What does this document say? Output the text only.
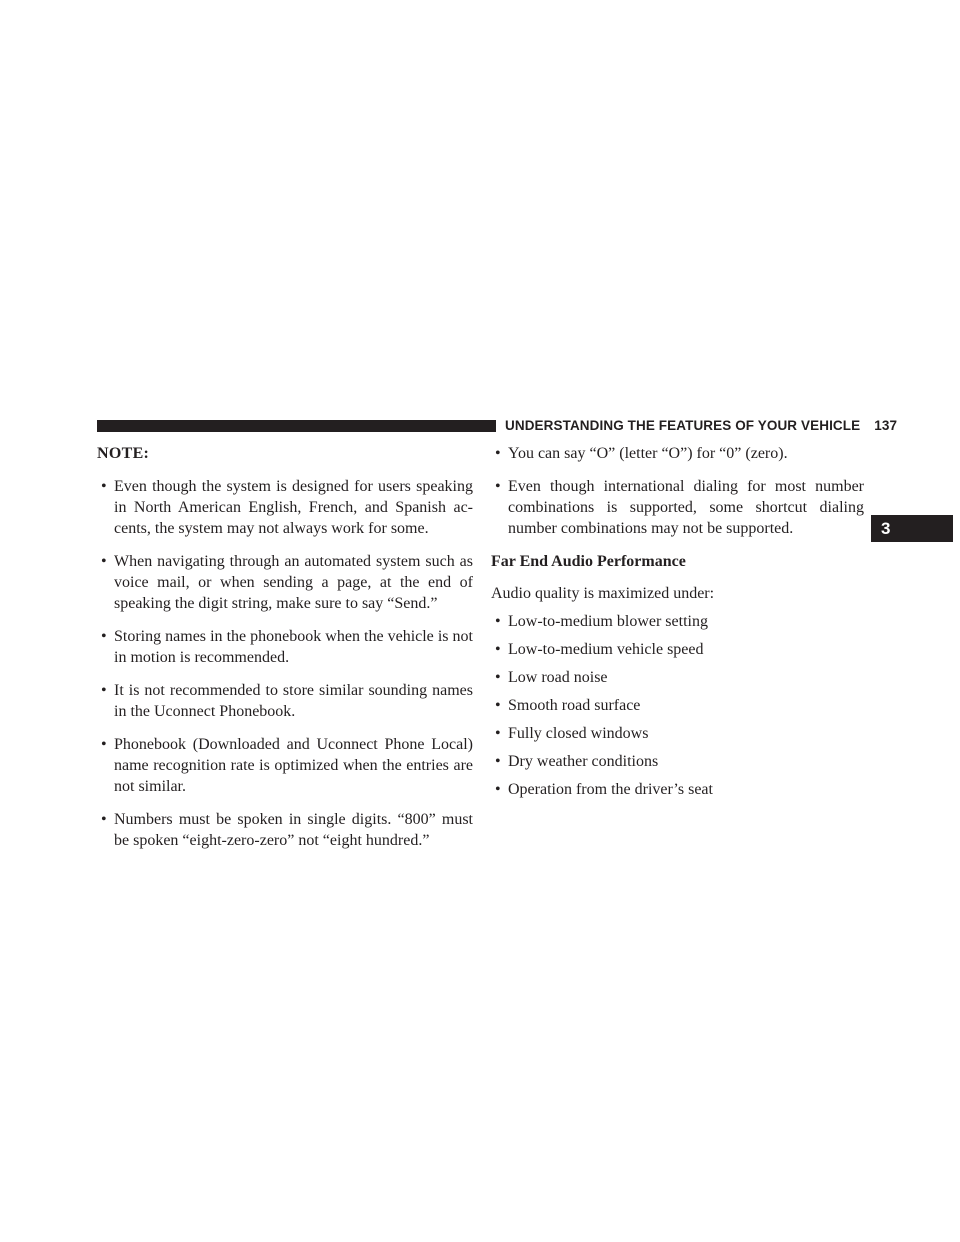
UNDERSTANDING THE FEATURES OF YOUR VEHICLE 137
3
NOTE:
• Even though the system is designed for users speaking in North American English, French, and Spanish ac- cents, the system may not always work for some.
• When navigating through an automated system such as voice mail, or when sending a page, at the end of speaking the digit string, make sure to say “Send.”
• Storing names in the phonebook when the vehicle is not in motion is recommended.
• It is not recommended to store similar sounding names in the Uconnect Phonebook.
• Phonebook (Downloaded and Uconnect Phone Local) name recognition rate is optimized when the entries are not similar.
• Numbers must be spoken in single digits. “800” must be spoken “eight-zero-zero” not “eight hundred.”
• You can say “O” (letter “O”) for “0” (zero).
• Even though international dialing for most number combinations is supported, some shortcut dialing number combinations may not be supported.
Far End Audio Performance
Audio quality is maximized under:
• Low-to-medium blower setting
• Low-to-medium vehicle speed
• Low road noise
• Smooth road surface
• Fully closed windows
• Dry weather conditions
• Operation from the driver’s seat
